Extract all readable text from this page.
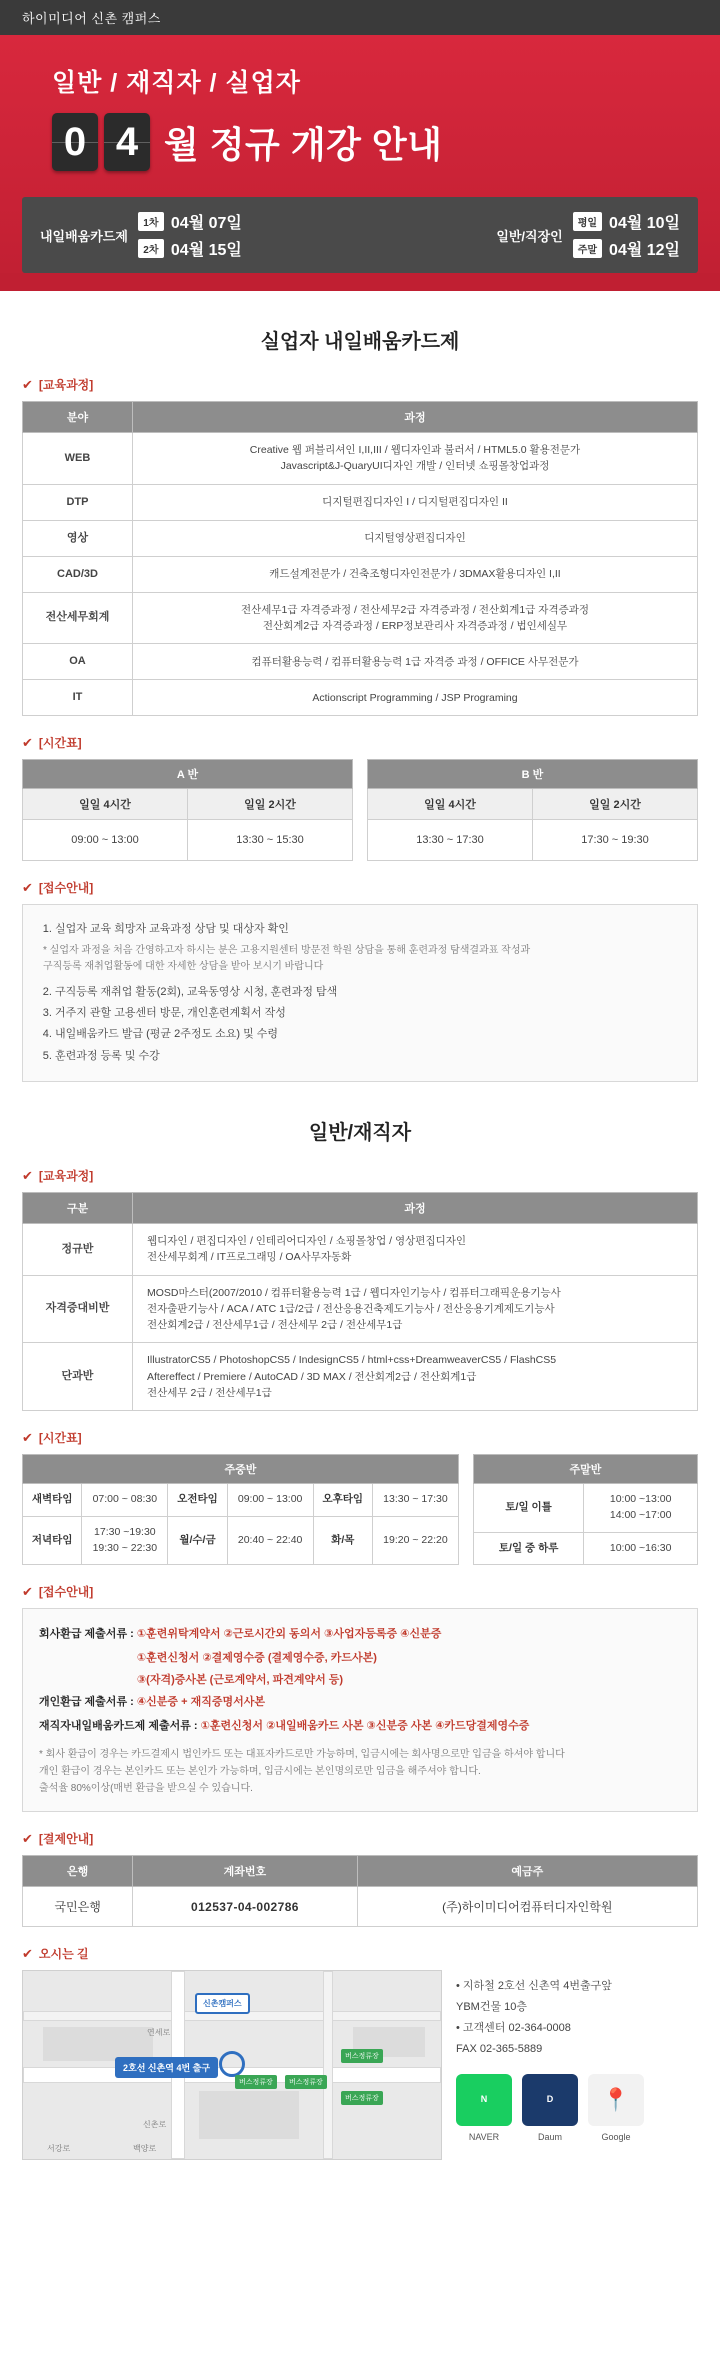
하이미디어 신촌 캠퍼스
일반 / 재직자 / 실업자
0 4 월 정규 개강 안내
내일배움카드제
1차 04월 07일
2차 04월 15일
일반/직장인
평일 04월 10일
주말 04월 12일
실업자 내일배움카드제
✔ [교육과정]
분야	과정
WEB	Creative 웹 퍼블리셔인 I,II,III / 웹디자인과 불러서 / HTML5.0 활용전문가
Javascript&J-QuaryUI디자인 개발 / 인터넷 쇼핑몰창업과정
DTP	디지털편집디자인 I / 디지털편집디자인 II
영상	디지털영상편집디자인
CAD/3D	캐드설계전문가 / 건축조형디자인전문가 / 3DMAX활용디자인 I,II
전산세무회계	전산세무1급 자격증과정 / 전산세무2급 자격증과정 / 전산회계1급 자격증과정
전산회계2급 자격증과정 / ERP정보관리사 자격증과정 / 법인세실무
OA	컴퓨터활용능력 / 컴퓨터활용능력 1급 자격증 과정 / OFFICE 사무전문가
IT	Actionscript Programming / JSP Programing
✔ [시간표]
A 반	
일일 4시간	일일 2시간
09:00 ~ 13:00	13:30 ~ 15:30
B 반	
일일 4시간	일일 2시간
13:30 ~ 17:30	17:30 ~ 19:30
✔ [접수안내]
1. 실업자 교육 희망자 교육과정 상담 및 대상자 확인
* 실업자 과정을 처음 간영하고자 하시는 분은 고용지원센터 방문전 학원 상담을 통해 훈련과정 탐색결과표 작성과
구직등록 재취업활동에 대한 자세한 상담을 받아 보시기 바랍니다
2. 구직등록 재취업 활동(2회), 교육동영상 시청, 훈련과정 탐색
3. 거주지 관할 고용센터 방문, 개인훈련계획서 작성
4. 내일배움카드 발급 (평균 2주정도 소요) 및 수령
5. 훈련과정 등록 및 수강
일반/재직자
✔ [교육과정]
구분	과정
정규반	웹디자인 / 편집디자인 / 인테리어디자인 / 쇼핑몰창업 / 영상편집디자인
전산세무회계 / IT프로그래밍 / OA사무자동화
자격증대비반	MOSD마스터(2007/2010 / 컴퓨터활용능력 1급 / 웹디자인기능사 / 컴퓨터그래픽운용기능사
전자출판기능사 / ACA / ATC 1급/2급 / 전산응용건축제도기능사 / 전산응용기계제도기능사
전산회계2급 / 전산세무1급 / 전산세무 2급 / 전산세무1급
단과반	IllustratorCS5 / PhotoshopCS5 / IndesignCS5 / html+css+DreamweaverCS5 / FlashCS5
Aftereffect / Premiere / AutoCAD / 3D MAX / 전산회계2급 / 전산회계1급
전산세무 2급 / 전산세무1급
✔ [시간표]
주중반					
새벽타임	07:00 ~ 08:30	오전타임	09:00 ~ 13:00	오후타임	13:30 ~ 17:30
저녁타임	17:30 ~19:30
19:30 ~ 22:30	월/수/금	20:40 ~ 22:40	화/목	19:20 ~ 22:20
주말반	
토/일 이틀	10:00 ~13:00
14:00 ~17:00
토/일 중 하루	10:00 ~16:30
✔ [접수안내]
회사환급 제출서류 : ①훈련위탁계약서 ②근로시간외 동의서 ③사업자등록증 ④신분증
개인환급 제출서류 : ①훈련신청서 ②결제영수증 (결제영수증, 카드사본)
③(자격)증사본 (근로계약서, 파견계약서 등)
④신분증 + 재직증명서사본
재직자내일배움카드제 제출서류 : ①훈련신청서 ②내일배움카드 사본 ③신분증 사본 ④카드당결제영수증
* 회사 환급이 경우는 카드결제시 법인카드 또는 대표자카드로만 가능하며, 입금시에는 회사명으로만 입금을 하셔야 합니다
개인 환급이 경우는 본인카드 또는 본인가 가능하며, 입금시에는 본인명의로만 입금을 해주셔야 합니다.
출석율 80%이상(매번 환급을 받으실 수 있습니다.
✔ [결제안내]
은행	계좌번호	예금주
국민은행	012537-04-002786	(주)하이미디어컴퓨터디자인학원
✔ 오시는 길
신촌캠퍼스
2호선 신촌역 4번 출구
버스정류장	버스정류장
버스정류장
버스정류장
연세로
신촌로
서강로	백양로
• 지하철 2호선 신촌역 4번출구앞
YBM건물 10층
• 고객센터 02-364-0008
FAX 02-365-5889
N
NAVER
D
Daum
📍
Google
